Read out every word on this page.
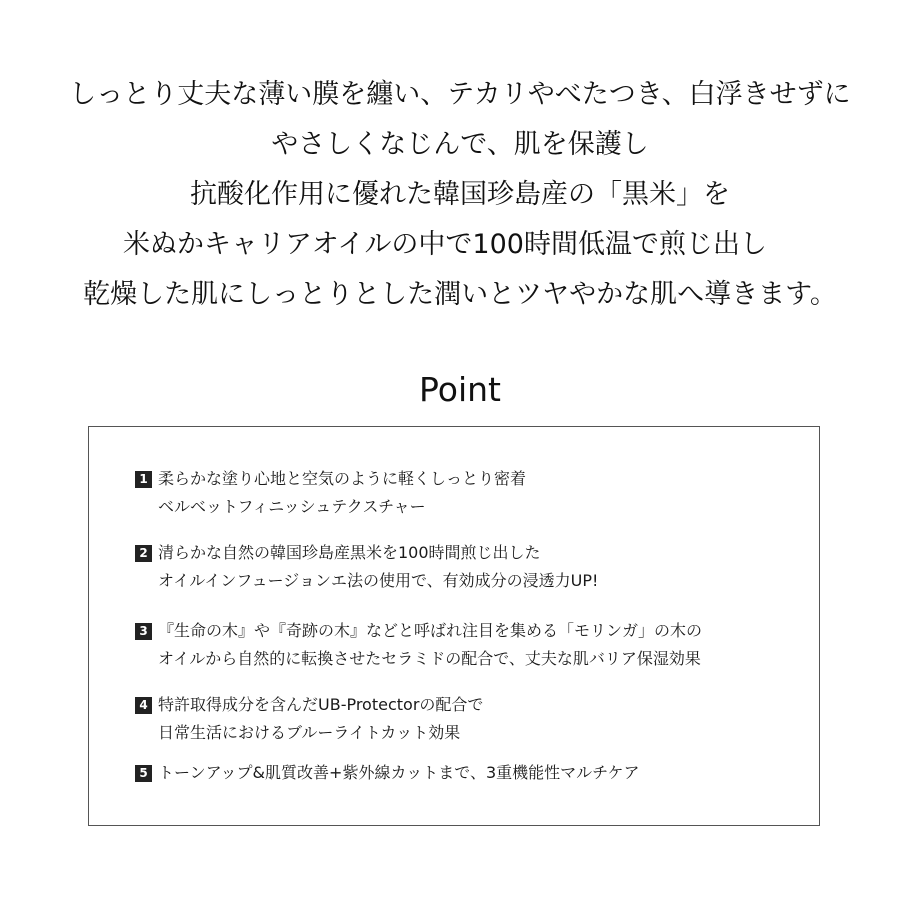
しっとり丈夫な薄い膜を纏い、テカリやべたつき、白浮きせずに
やさしくなじんで、肌を保護し
抗酸化作用に優れた韓国珍島産の「黒米」を
米ぬかキャリアオイルの中で100時間低温で煎じ出し
乾燥した肌にしっとりとした潤いとツヤやかな肌へ導きます。
Point
1 柔らかな塗り心地と空気のように軽くしっとり密着
ベルベットフィニッシュテクスチャー
2 清らかな自然の韓国珍島産黒米を100時間煎じ出した
オイルインフュージョンエ法の使用で、有効成分の浸透力UP!
3 『生命の木』や『奇跡の木』などと呼ばれ注目を集める「モリンガ」の木の
オイルから自然的に転換させたセラミドの配合で、丈夫な肌バリア保湿効果
4 特許取得成分を含んだUB-Protectorの配合で
日常生活におけるブルーライトカット効果
5 トーンアップ&肌質改善+紫外線カットまで、3重機能性マルチケア
